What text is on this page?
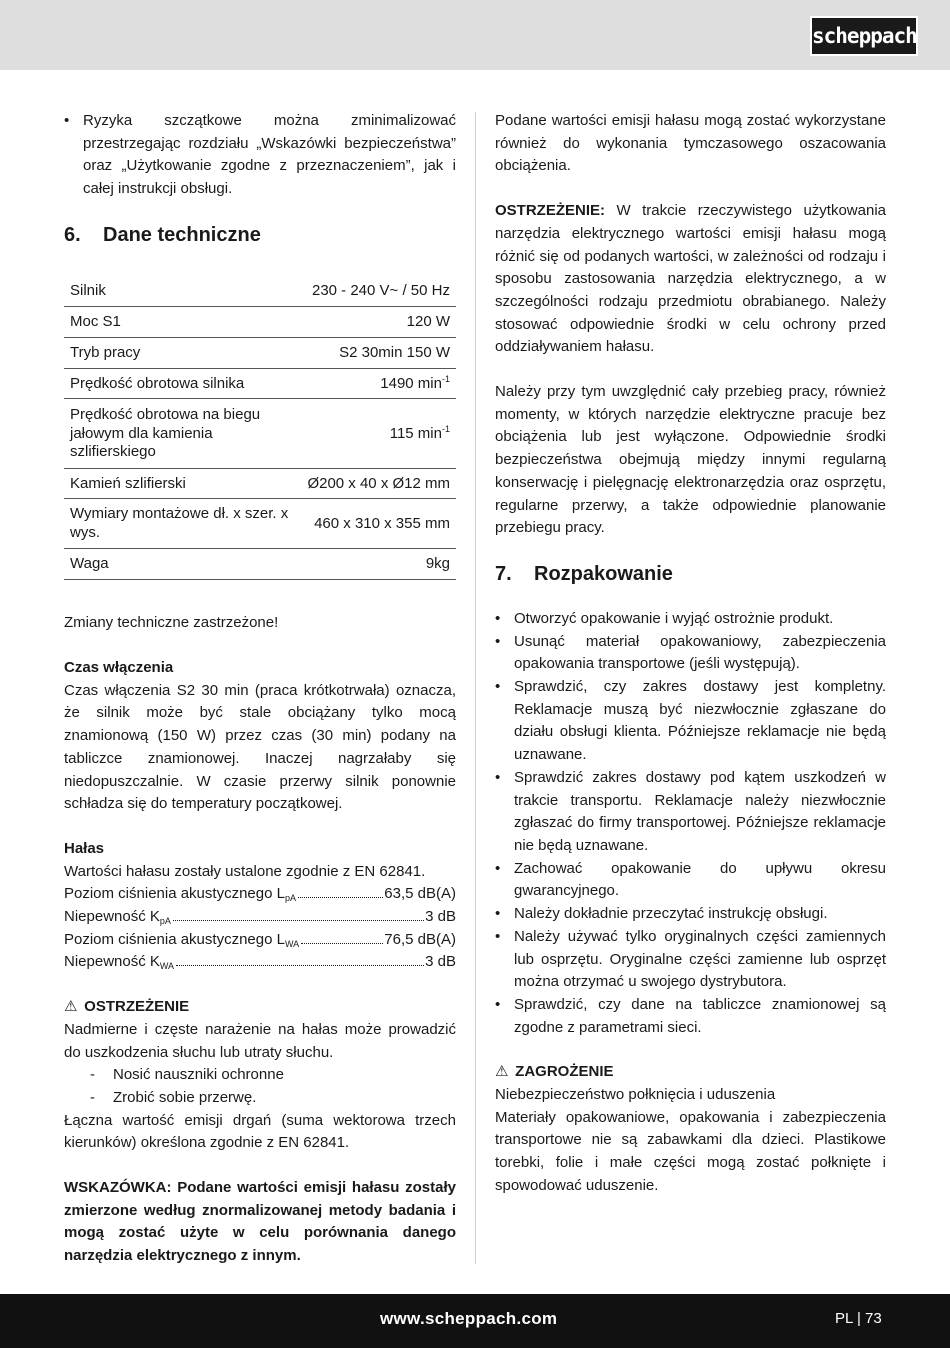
scheppach
• Ryzyka szczątkowe można zminimalizować przestrzegając rozdziału „Wskazówki bezpieczeństwa” oraz „Użytkowanie zgodne z przeznaczeniem”, jak i całej instrukcji obsługi.
6.	Dane techniczne
Silnik	230 - 240 V~ / 50 Hz
Moc S1	120 W
Tryb pracy	S2 30min 150 W
Prędkość obrotowa silnika	1490 $\min^{-1}$
Prędkość obrotowa na biegu jałowym dla kamienia szlifierskiego	115 $\min^{-1}$
Kamień szlifierski	Ø200 x 40 x Ø12 mm
Wymiary montażowe dł. x szer. x wys.	460 x 310 x 355 mm
Waga	9kg

Zmiany techniczne zastrzeżone!

Czas włączenia

Czas włączenia S2 30 min (praca krótkotrwała) oznacza, że silnik może być stale obciążany tylko mocą znamionową (150 W) przez czas (30 min) podany na tabliczce znamionowej. Inaczej nagrzałaby się niedopuszczalnie. W czasie przerwy silnik ponownie schładza się do temperatury początkowej.

Hałas

Wartości hałasu zostały ustalone zgodnie z EN 62841.

Poziom ciśnienia akustycznego $L_{pA}$	63,5 dB(A)
Niepewność $K_{pA}$	3 dB
Poziom ciśnienia akustycznego $L_{WA}$	76,5 dB(A)
Niepewność $K_{WA}$	3 dB

⚠ OSTRZEŻENIE

Nadmierne i częste narażenie na hałas może prowadzić do uszkodzenia słuchu lub utraty słuchu.

- Nosić nauszniki ochronne
- Zrobić sobie przerwę.

Łączna wartość emisji drgań (suma wektorowa trzech kierunków) określona zgodnie z EN 62841.

WSKAZÓWKA: Podane wartości emisji hałasu zostały zmierzone według znormalizowanej metody badania i mogą zostać użyte w celu porównania danego narzędzia elektrycznego z innym.

Podane wartości emisji hałasu mogą zostać wykorzystane również do wykonania tymczasowego oszacowania obciążenia.

OSTRZEŻENIE: W trakcie rzeczywistego użytkowania narzędzia elektrycznego wartości emisji hałasu mogą różnić się od podanych wartości, w zależności od rodzaju i sposobu zastosowania narzędzia elektrycznego, a w szczególności rodzaju przedmiotu obrabianego. Należy stosować odpowiednie środki w celu ochrony przed oddziaływaniem hałasu.

Należy przy tym uwzględnić cały przebieg pracy, również momenty, w których narzędzie elektryczne pracuje bez obciążenia lub jest wyłączone. Odpowiednie środki bezpieczeństwa obejmują między innymi regularną konserwację i pielęgnację elektronarzędzia oraz osprzętu, regularne przerwy, a także odpowiednie planowanie przebiegu pracy.

7.	Rozpakowanie
• Otworzyć opakowanie i wyjąć ostrożnie produkt.
• Usunąć materiał opakowaniowy, zabezpieczenia opakowania transportowe (jeśli występują).
• Sprawdzić, czy zakres dostawy jest kompletny. Reklamacje muszą być niezwłocznie zgłaszane do działu obsługi klienta. Późniejsze reklamacje nie będą uznawane.
• Sprawdzić zakres dostawy pod kątem uszkodzeń w trakcie transportu. Reklamacje należy niezwłocznie zgłaszać do firmy transportowej. Późniejsze reklamacje nie będą uznawane.
• Zachować opakowanie do upływu okresu gwarancyjnego.
• Należy dokładnie przeczytać instrukcję obsługi.
• Należy używać tylko oryginalnych części zamiennych lub osprzętu. Oryginalne części zamienne lub osprzęt można otrzymać u swojego dystrybutora.
• Sprawdzić, czy dane na tabliczce znamionowej są zgodne z parametrami sieci.

⚠ ZAGROŻENIE

Niebezpieczeństwo połknięcia i uduszenia

Materiały opakowaniowe, opakowania i zabezpieczenia transportowe nie są zabawkami dla dzieci. Plastikowe torebki, folie i małe części mogą zostać połknięte i spowodować uduszenie.

www.scheppach.com	PL | 73
